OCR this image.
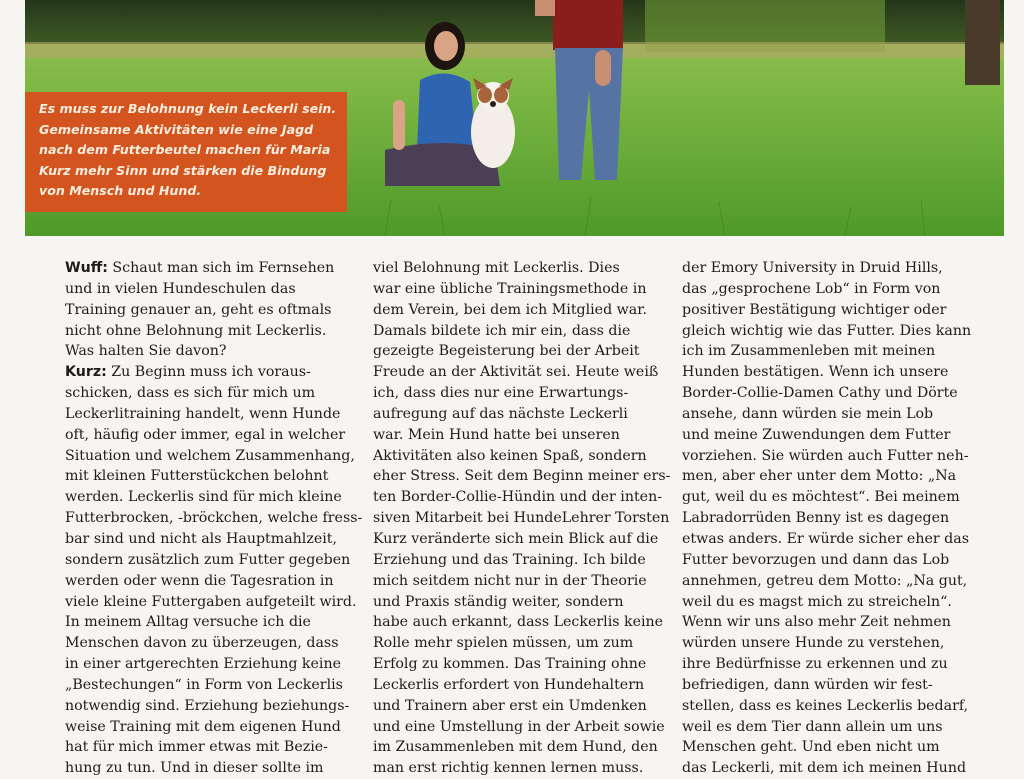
Es muss zur Belohnung kein Leckerli sein.
Gemeinsame Aktivitäten wie eine Jagd
nach dem Futterbeutel machen für Maria
Kurz mehr Sinn und stärken die Bindung
von Mensch und Hund.
Wuff: Schaut man sich im Fernsehen
und in vielen Hundeschulen das
Training genauer an, geht es oftmals
nicht ohne Belohnung mit Leckerlis.
Was halten Sie davon?
Kurz: Zu Beginn muss ich voraus-
schicken, dass es sich für mich um
Leckerlitraining handelt, wenn Hunde
oft, häufig oder immer, egal in welcher
Situation und welchem Zusammenhang,
mit kleinen Futterstückchen belohnt
werden. Leckerlis sind für mich kleine
Futterbrocken, -bröckchen, welche fress-
bar sind und nicht als Hauptmahlzeit,
sondern zusätzlich zum Futter gegeben
werden oder wenn die Tagesration in
viele kleine Futtergaben aufgeteilt wird.
In meinem Alltag versuche ich die
Menschen davon zu überzeugen, dass
in einer artgerechten Erziehung keine
„Bestechungen“ in Form von Leckerlis
notwendig sind. Erziehung beziehungs-
weise Training mit dem eigenen Hund
hat für mich immer etwas mit Bezie-
hung zu tun. Und in dieser sollte im
viel Belohnung mit Leckerlis. Dies
war eine übliche Trainingsmethode in
dem Verein, bei dem ich Mitglied war.
Damals bildete ich mir ein, dass die
gezeigte Begeisterung bei der Arbeit
Freude an der Aktivität sei. Heute weiß
ich, dass dies nur eine Erwartungs-
aufregung auf das nächste Leckerli
war. Mein Hund hatte bei unseren
Aktivitäten also keinen Spaß, sondern
eher Stress. Seit dem Beginn meiner ers-
ten Border-Collie-Hündin und der inten-
siven Mitarbeit bei HundeLehrer Torsten
Kurz veränderte sich mein Blick auf die
Erziehung und das Training. Ich bilde
mich seitdem nicht nur in der Theorie
und Praxis ständig weiter, sondern
habe auch erkannt, dass Leckerlis keine
Rolle mehr spielen müssen, um zum
Erfolg zu kommen. Das Training ohne
Leckerlis erfordert von Hundehaltern
und Trainern aber erst ein Umdenken
und eine Umstellung in der Arbeit sowie
im Zusammenleben mit dem Hund, den
man erst richtig kennen lernen muss.
der Emory University in Druid Hills,
das „gesprochene Lob“ in Form von
positiver Bestätigung wichtiger oder
gleich wichtig wie das Futter. Dies kann
ich im Zusammenleben mit meinen
Hunden bestätigen. Wenn ich unsere
Border-Collie-Damen Cathy und Dörte
ansehe, dann würden sie mein Lob
und meine Zuwendungen dem Futter
vorziehen. Sie würden auch Futter neh-
men, aber eher unter dem Motto: „Na
gut, weil du es möchtest“. Bei meinem
Labradorrüden Benny ist es dagegen
etwas anders. Er würde sicher eher das
Futter bevorzugen und dann das Lob
annehmen, getreu dem Motto: „Na gut,
weil du es magst mich zu streicheln“.
Wenn wir uns also mehr Zeit nehmen
würden unsere Hunde zu verstehen,
ihre Bedürfnisse zu erkennen und zu
befriedigen, dann würden wir fest-
stellen, dass es keines Leckerlis bedarf,
weil es dem Tier dann allein um uns
Menschen geht. Und eben nicht um
das Leckerli, mit dem ich meinen Hund
